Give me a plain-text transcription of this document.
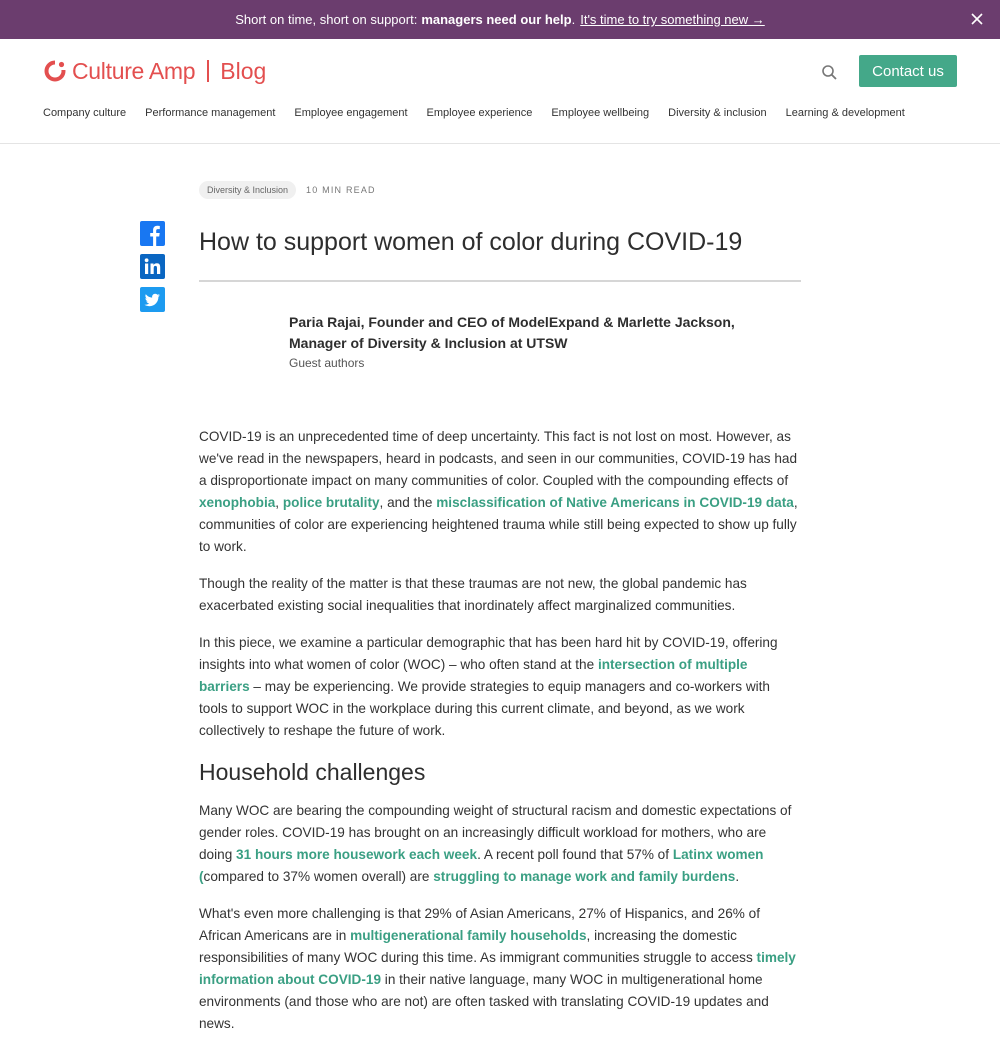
Short on time, short on support: managers need our help . It's time to try something new →
Culture Amp Blog	Contact us
Company culture Performance management Employee engagement Employee experience Employee wellbeing Diversity & inclusion Learning & development
Diversity & Inclusion	10 MIN READ
How to support women of color during COVID-19
Paria Rajai, Founder and CEO of ModelExpand & Marlette Jackson, Manager of Diversity & Inclusion at UTSW
Guest authors

COVID-19 is an unprecedented time of deep uncertainty. This fact is not lost on most. However, as we've read in the newspapers, heard in podcasts, and seen in our communities, COVID-19 has had a disproportionate impact on many communities of color. Coupled with the compounding effects of xenophobia, police brutality, and the misclassification of Native Americans in COVID-19 data, communities of color are experiencing heightened trauma while still being expected to show up fully to work.

Though the reality of the matter is that these traumas are not new, the global pandemic has exacerbated existing social inequalities that inordinately affect marginalized communities.

In this piece, we examine a particular demographic that has been hard hit by COVID-19, offering insights into what women of color (WOC) – who often stand at the intersection of multiple barriers – may be experiencing. We provide strategies to equip managers and co-workers with tools to support WOC in the workplace during this current climate, and beyond, as we work collectively to reshape the future of work.

Household challenges

Many WOC are bearing the compounding weight of structural racism and domestic expectations of gender roles. COVID-19 has brought on an increasingly difficult workload for mothers, who are doing 31 hours more housework each week. A recent poll found that 57% of Latinx women (compared to 37% women overall) are struggling to manage work and family burdens.

What's even more challenging is that 29% of Asian Americans, 27% of Hispanics, and 26% of African Americans are in multigenerational family households, increasing the domestic responsibilities of many WOC during this time. As immigrant communities struggle to access timely information about COVID-19 in their native language, many WOC in multigenerational home environments (and those who are not) are often tasked with translating COVID-19 updates and news.
